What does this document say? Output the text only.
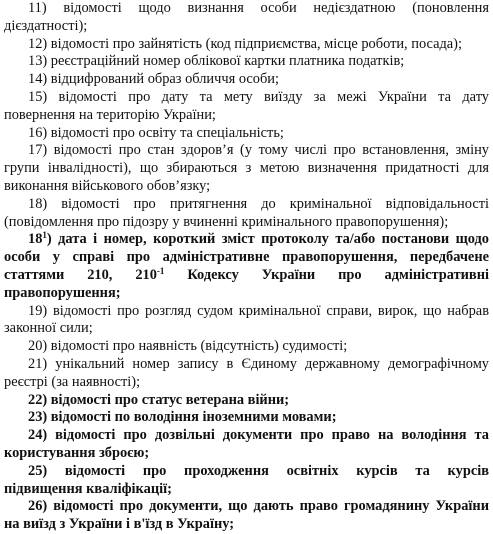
11) відомості щодо визнання особи недієздатною (поновлення
дієздатності);
12) відомості про зайнятість (код підприємства, місце роботи, посада);
13) реєстраційний номер облікової картки платника податків;
14) відцифрований образ обличчя особи;
15) відомості про дату та мету виїзду за межі України та дату
повернення на територію України;
16) відомості про освіту та спеціальність;
17) відомості про стан здоров’я (у тому числі про встановлення, зміну
групи інвалідності), що збираються з метою визначення придатності для
виконання військового обов’язку;
18) відомості про притягнення до кримінальної відповідальності
(повідомлення про підозру у вчиненні кримінального правопорушення);
$18^1$) дата і номер, короткий зміст протоколу та/або постанови щодо
особи у справі про адміністративне правопорушення, передбачене
статтями 210, $210^{-1}$ Кодексу України про адміністративні
правопорушення;
19) відомості про розгляд судом кримінальної справи, вирок, що набрав
законної сили;
20) відомості про наявність (відсутність) судимості;
21) унікальний номер запису в Єдиному державному демографічному
реєстрі (за наявності);
22) відомості про статус ветерана війни;
23) відомості по володіння іноземними мовами;
24) відомості про дозвільні документи про право на володіння та
користування зброєю;
25) відомості про проходження освітніх курсів та курсів
підвищення кваліфікації;
26) відомості про документи, що дають право громадянину України
на виїзд з України і в'їзд в Україну;
